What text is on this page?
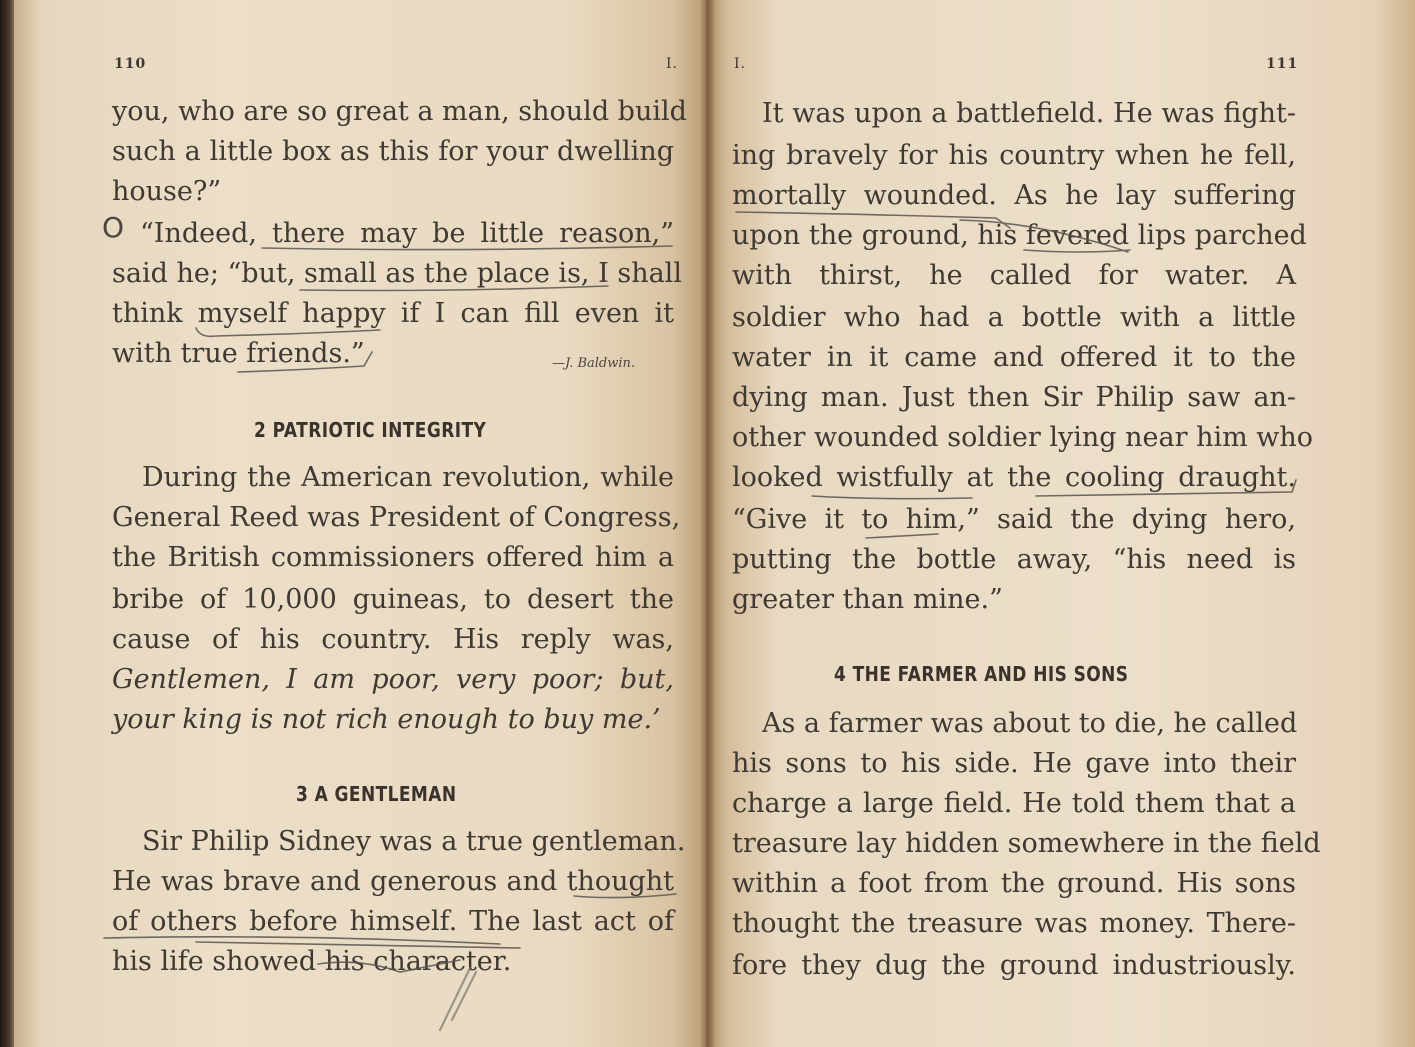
110	I.
you, who are so great a man, should build
such a little box as this for your dwelling
house?”
O “Indeed, there may be little reason,”
said he; “but, small as the place is, I shall
think myself happy if I can fill even it
with true friends.”	—J. Baldwin.
2 PATRIOTIC INTEGRITY
During the American revolution, while
General Reed was President of Congress,
the British commissioners offered him a
bribe of 10,000 guineas, to desert the
cause of his country. His reply was,
Gentlemen, I am poor, very poor; but,
your king is not rich enough to buy me.’
3 A GENTLEMAN
Sir Philip Sidney was a true gentleman.
He was brave and generous and thought
of others before himself. The last act of
his life showed his character.
I.	111
It was upon a battlefield. He was fight-
ing bravely for his country when he fell,
mortally wounded. As he lay suffering
upon the ground, his fevered lips parched
with thirst, he called for water. A
soldier who had a bottle with a little
water in it came and offered it to the
dying man. Just then Sir Philip saw an-
other wounded soldier lying near him who
looked wistfully at the cooling draught.
“Give it to him,” said the dying hero,
putting the bottle away, “his need is
greater than mine.”
4 THE FARMER AND HIS SONS
As a farmer was about to die, he called
his sons to his side. He gave into their
charge a large field. He told them that a
treasure lay hidden somewhere in the field
within a foot from the ground. His sons
thought the treasure was money. There-
fore they dug the ground industriously.
